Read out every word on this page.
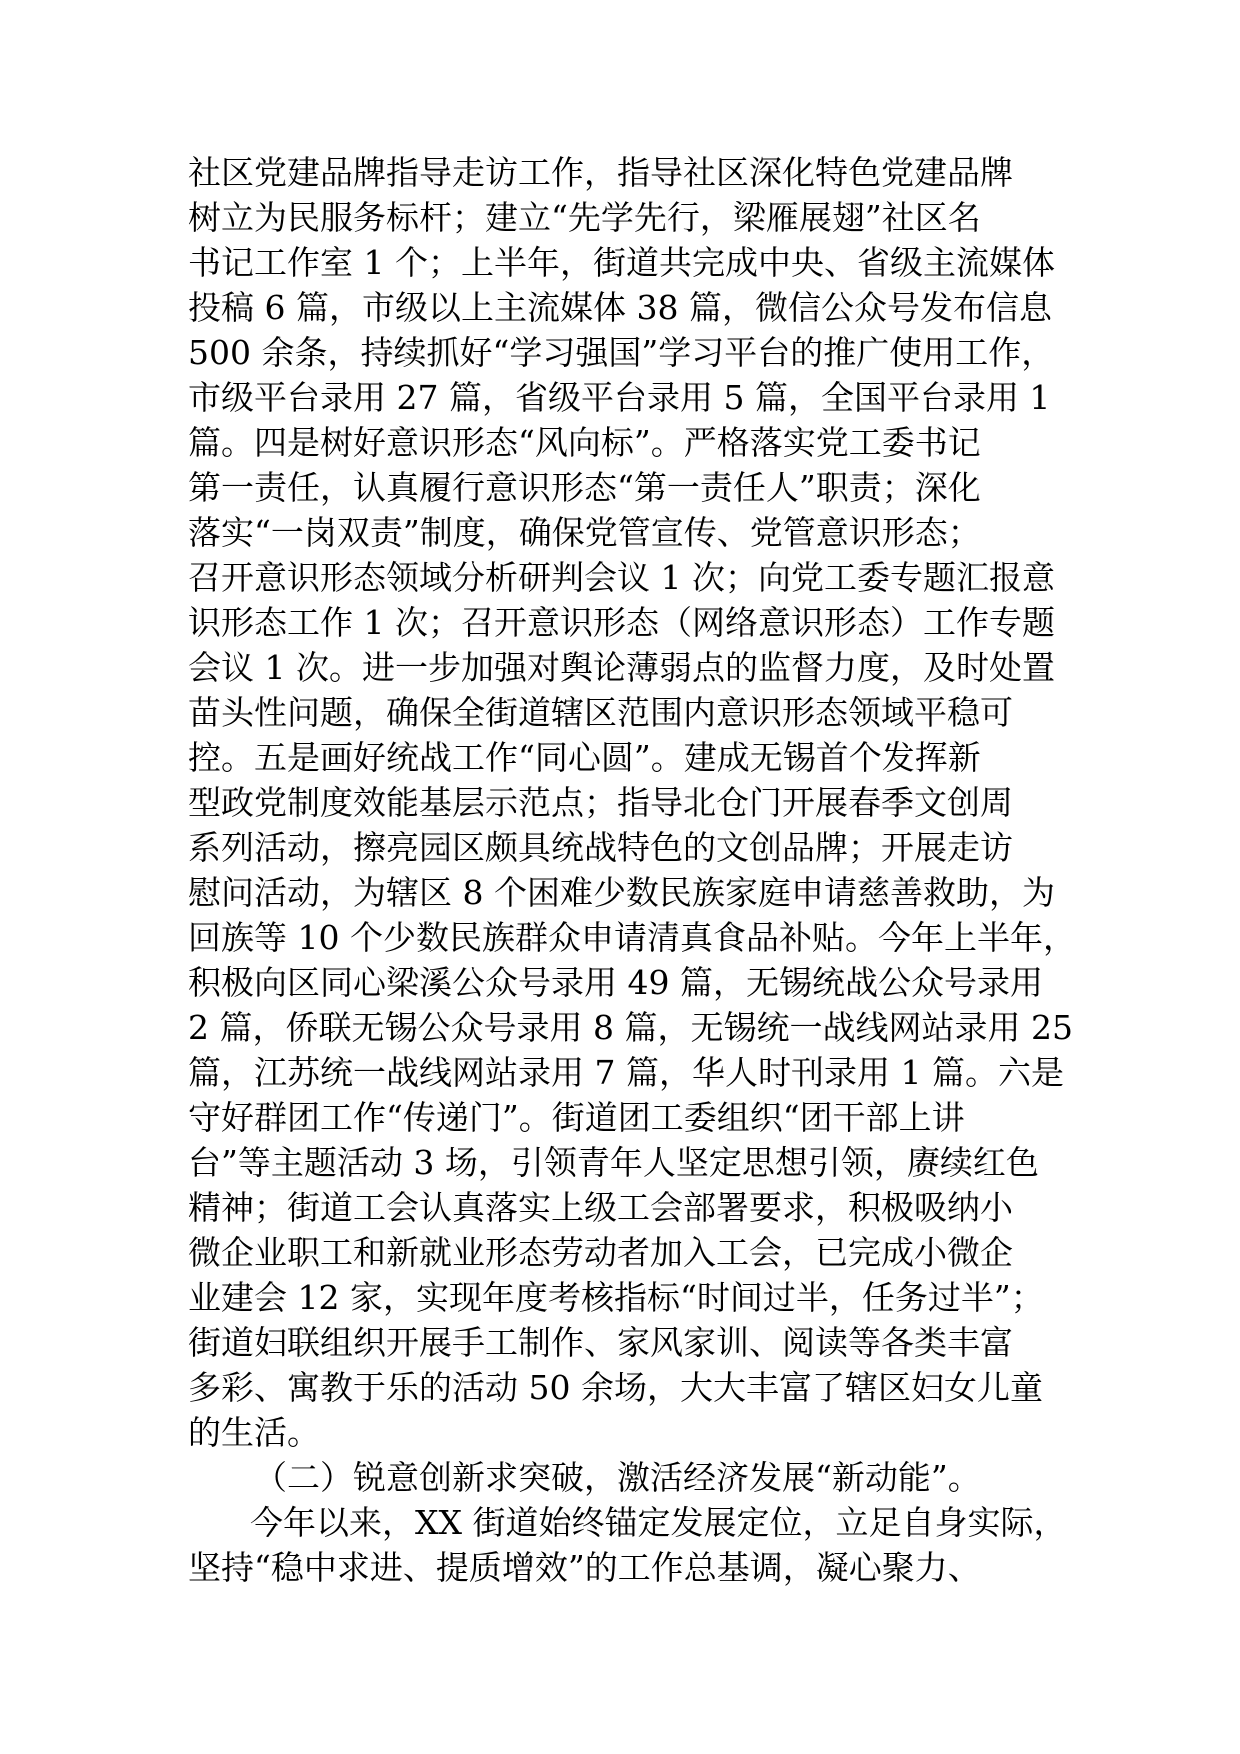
社区党建品牌指导走访工作，指导社区深化特色党建品牌
树立为民服务标杆；建立“先学先行，梁雁展翅”社区名
书记工作室 1 个；上半年，街道共完成中央、省级主流媒体
投稿 6 篇，市级以上主流媒体 38 篇，微信公众号发布信息
500 余条，持续抓好“学习强国”学习平台的推广使用工作，
市级平台录用 27 篇，省级平台录用 5 篇，全国平台录用 1
篇。四是树好意识形态“风向标”。严格落实党工委书记
第一责任，认真履行意识形态“第一责任人”职责；深化
落实“一岗双责”制度，确保党管宣传、党管意识形态；
召开意识形态领域分析研判会议 1 次；向党工委专题汇报意
识形态工作 1 次；召开意识形态（网络意识形态）工作专题
会议 1 次。进一步加强对舆论薄弱点的监督力度，及时处置
苗头性问题，确保全街道辖区范围内意识形态领域平稳可
控。五是画好统战工作“同心圆”。建成无锡首个发挥新
型政党制度效能基层示范点；指导北仓门开展春季文创周
系列活动，擦亮园区颇具统战特色的文创品牌；开展走访
慰问活动，为辖区 8 个困难少数民族家庭申请慈善救助，为
回族等 10 个少数民族群众申请清真食品补贴。今年上半年，
积极向区同心梁溪公众号录用 49 篇，无锡统战公众号录用
2 篇，侨联无锡公众号录用 8 篇，无锡统一战线网站录用 25
篇，江苏统一战线网站录用 7 篇，华人时刊录用 1 篇。六是
守好群团工作“传递门”。街道团工委组织“团干部上讲
台”等主题活动 3 场，引领青年人坚定思想引领，赓续红色
精神；街道工会认真落实上级工会部署要求，积极吸纳小
微企业职工和新就业形态劳动者加入工会，已完成小微企
业建会 12 家，实现年度考核指标“时间过半，任务过半”；
街道妇联组织开展手工制作、家风家训、阅读等各类丰富
多彩、寓教于乐的活动 50 余场，大大丰富了辖区妇女儿童
的生活。
（二）锐意创新求突破，激活经济发展“新动能”。
今年以来，XX 街道始终锚定发展定位，立足自身实际，
坚持“稳中求进、提质增效”的工作总基调，凝心聚力、
